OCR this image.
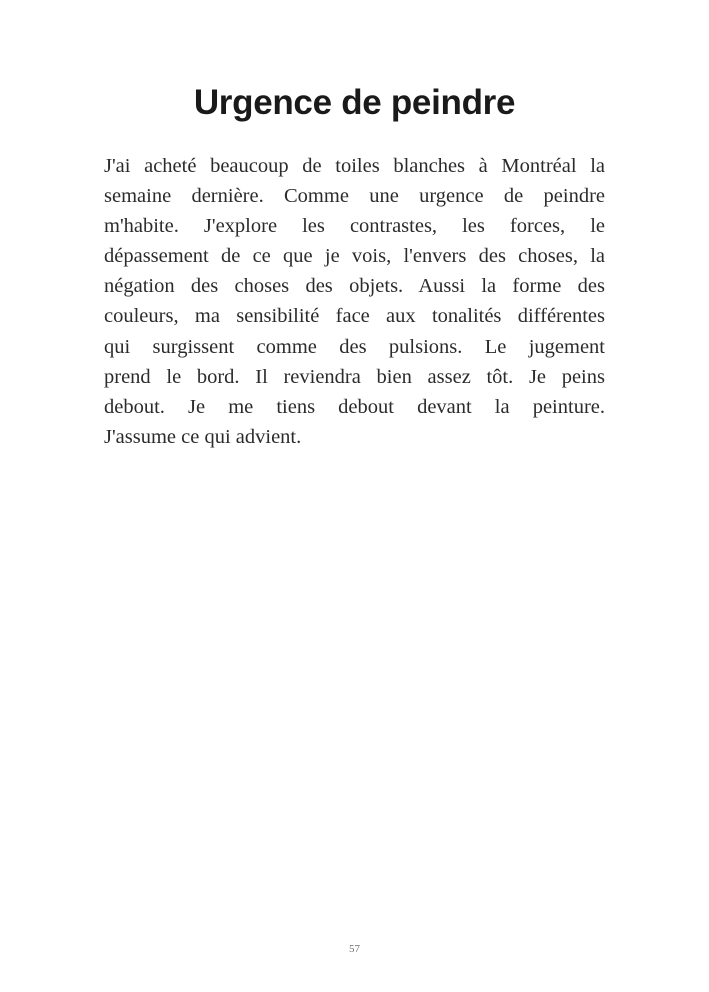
Urgence de peindre
J'ai acheté beaucoup de toiles blanches à Montréal la
semaine dernière. Comme une urgence de peindre
m'habite. J'explore les contrastes, les forces, le
dépassement de ce que je vois, l'envers des choses, la
négation des choses des objets. Aussi la forme des
couleurs, ma sensibilité face aux tonalités différentes
qui surgissent comme des pulsions. Le jugement
prend le bord. Il reviendra bien assez tôt. Je peins
debout. Je me tiens debout devant la peinture.
J'assume ce qui advient.
57
